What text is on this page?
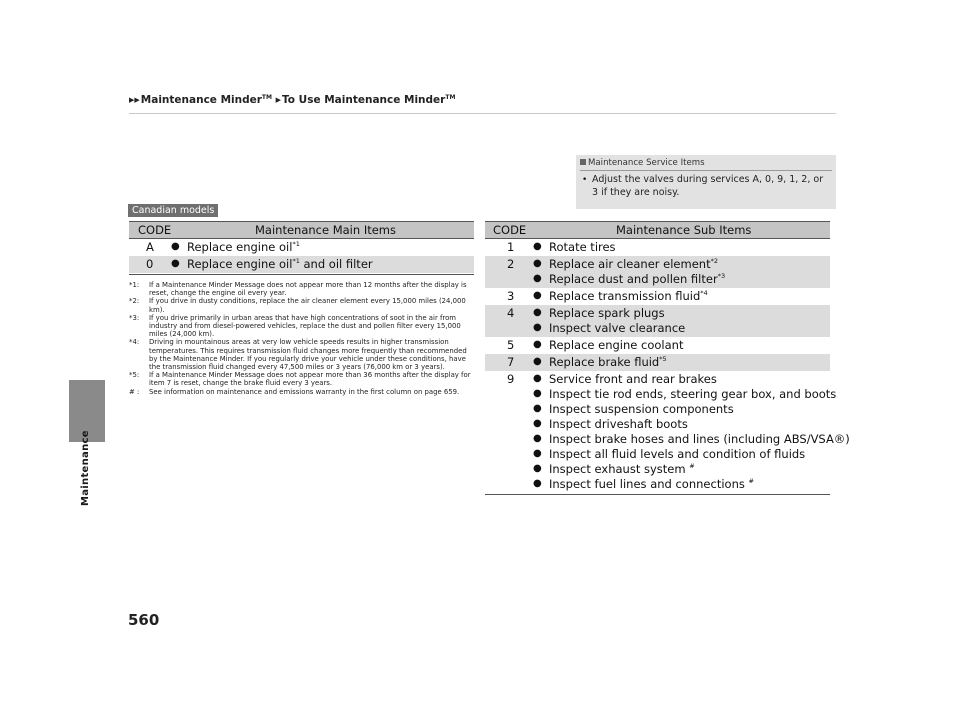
Maintenance
▶▶Maintenance Minder™ ▶To Use Maintenance Minder™
Maintenance Service Items
• Adjust the valves during services A, 0, 9, 1, 2, or 3 if they are noisy.
Canadian models
CODE	Maintenance Main Items
A ● Replace engine oil$^{*1}$
0 ● Replace engine oil$^{*1}$ and oil filter

*1: If a Maintenance Minder Message does not appear more than 12 months after the display is reset, change the engine oil every year.

*2: If you drive in dusty conditions, replace the air cleaner element every 15,000 miles (24,000 km).

*3: If you drive primarily in urban areas that have high concentrations of soot in the air from industry and from diesel-powered vehicles, replace the dust and pollen filter every 15,000 miles (24,000 km).

*4: Driving in mountainous areas at very low vehicle speeds results in higher transmission temperatures. This requires transmission fluid changes more frequently than recommended by the Maintenance Minder. If you regularly drive your vehicle under these conditions, have the transmission fluid changed every 47,500 miles or 3 years (76,000 km or 3 years).

*5: If a Maintenance Minder Message does not appear more than 36 months after the display for item 7 is reset, change the brake fluid every 3 years.

# : See information on maintenance and emissions warranty in the first column on page 659.

CODE	Maintenance Sub Items
1 ● Rotate tires
2 ● Replace air cleaner element$^{*2}$
● Replace dust and pollen filter$^{*3}$
3 ● Replace transmission fluid$^{*4}$
4 ● Replace spark plugs
● Inspect valve clearance
5 ● Replace engine coolant
7 ● Replace brake fluid$^{*5}$
9 ● Service front and rear brakes
● Inspect tie rod ends, steering gear box, and boots
● Inspect suspension components
● Inspect driveshaft boots
● Inspect brake hoses and lines (including ABS/VSA®)
● Inspect all fluid levels and condition of fluids
● Inspect exhaust system #
● Inspect fuel lines and connections #
560
